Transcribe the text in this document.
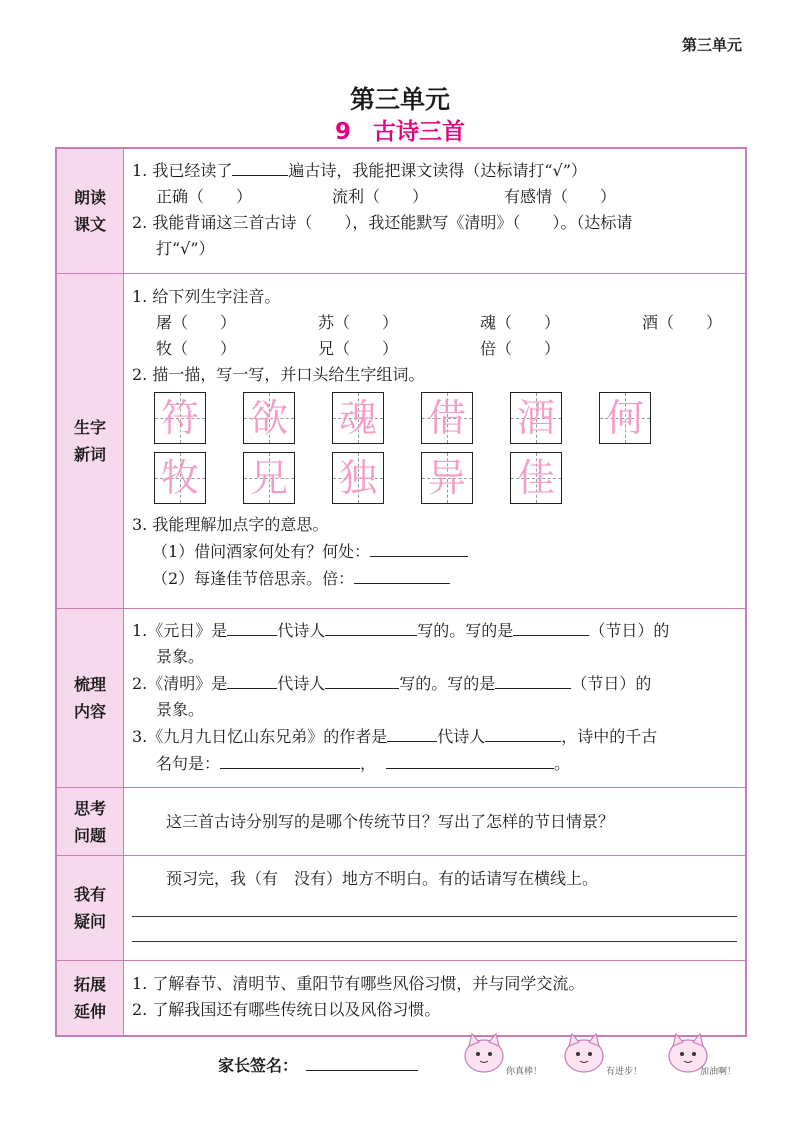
第三单元
第三单元
9 古诗三首
朗读
课文
1. 我已经读了	遍古诗，我能把课文读得（达标请打“√”）
正确（　　）	流利（　　）	有感情（　　）
2. 我能背诵这三首古诗（　　），我还能默写《清明》（　　）。（达标请
打“√”）
生字
新词
1. 给下列生字注音。
屠（　　）	苏（　　）	魂（　　）	酒（　　）
牧（　　）	兄（　　）	倍（　　）
2. 描一描，写一写，并口头给生字组词。
符 欲 魂 借 酒 何
牧 兄 独 异 佳
3. 我能理解加点字的意思。
（1）借问酒家何处有？何处：
（2）每逢佳节倍思亲。倍：
梳理
内容
1.《元日》是	代诗人	写的。写的是	（节日）的
景象。
2.《清明》是	代诗人	写的。写的是	（节日）的
景象。
3.《九月九日忆山东兄弟》的作者是	代诗人	，诗中的千古
名句是：	，	。
思考
问题
这三首古诗分别写的是哪个传统节日？写出了怎样的节日情景？
我有
疑问
预习完，我（有　没有）地方不明白。有的话请写在横线上。
拓展
延伸
1. 了解春节、清明节、重阳节有哪些风俗习惯，并与同学交流。
2. 了解我国还有哪些传统日以及风俗习惯。
家长签名：	你真棒！	有进步！	加油啊！
